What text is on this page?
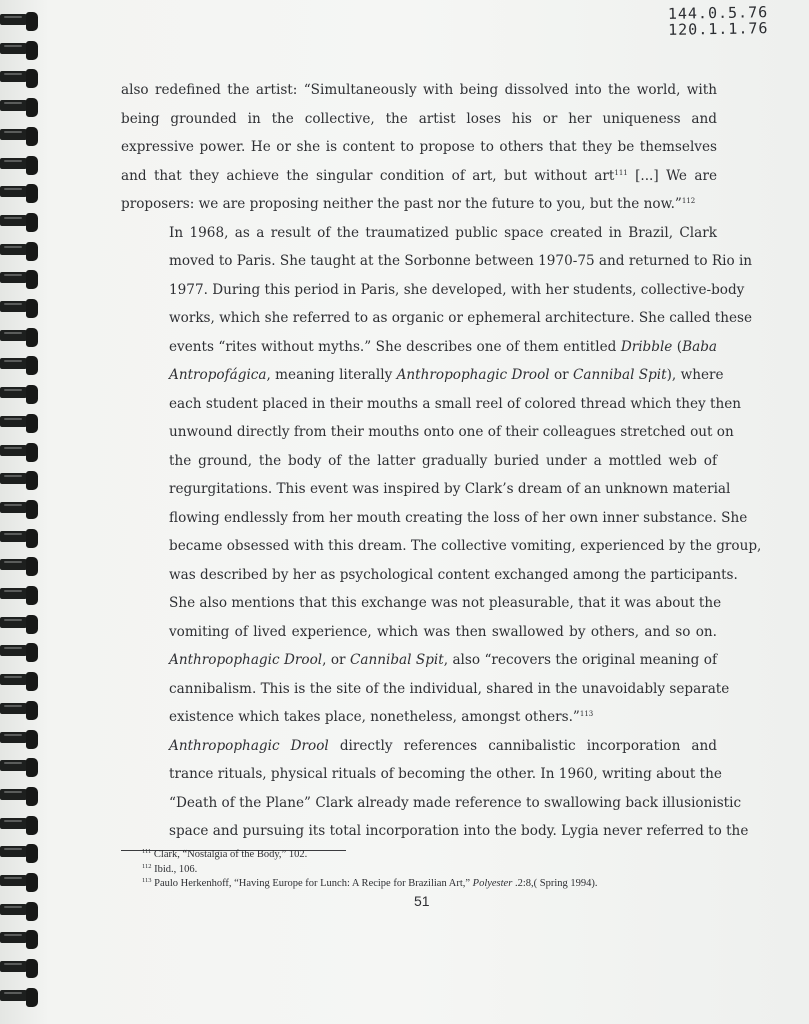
144.0.5.76
120.1.1.76

also redefined the artist: “Simultaneously with being dissolved into the world, with
being grounded in the collective, the artist loses his or her uniqueness and
expressive power. He or she is content to propose to others that they be themselves
and that they achieve the singular condition of art, but without art$^{111}$ [...] We are
proposers: we are proposing neither the past nor the future to you, but the now.”$^{112}$

In 1968, as a result of the traumatized public space created in Brazil, Clark
moved to Paris. She taught at the Sorbonne between 1970-75 and returned to Rio in
1977. During this period in Paris, she developed, with her students, collective-body
works, which she referred to as organic or ephemeral architecture. She called these
events “rites without myths.” She describes one of them entitled Dribble (Baba
Antropofágica, meaning literally Anthropophagic Drool or Cannibal Spit), where
each student placed in their mouths a small reel of colored thread which they then
unwound directly from their mouths onto one of their colleagues stretched out on
the ground, the body of the latter gradually buried under a mottled web of
regurgitations. This event was inspired by Clark’s dream of an unknown material
flowing endlessly from her mouth creating the loss of her own inner substance. She
became obsessed with this dream. The collective vomiting, experienced by the group,
was described by her as psychological content exchanged among the participants.
She also mentions that this exchange was not pleasurable, that it was about the
vomiting of lived experience, which was then swallowed by others, and so on.
Anthropophagic Drool, or Cannibal Spit, also “recovers the original meaning of
cannibalism. This is the site of the individual, shared in the unavoidably separate
existence which takes place, nonetheless, amongst others.”$^{113}$

Anthropophagic Drool directly references cannibalistic incorporation and
trance rituals, physical rituals of becoming the other. In 1960, writing about the
“Death of the Plane” Clark already made reference to swallowing back illusionistic
space and pursuing its total incorporation into the body. Lygia never referred to the

$^{111}$ Clark, “Nostalgia of the Body,” 102.
$^{112}$ Ibid., 106.
$^{113}$ Paulo Herkenhoff, “Having Europe for Lunch: A Recipe for Brazilian Art,” Polyester .2:8,( Spring 1994).
51
